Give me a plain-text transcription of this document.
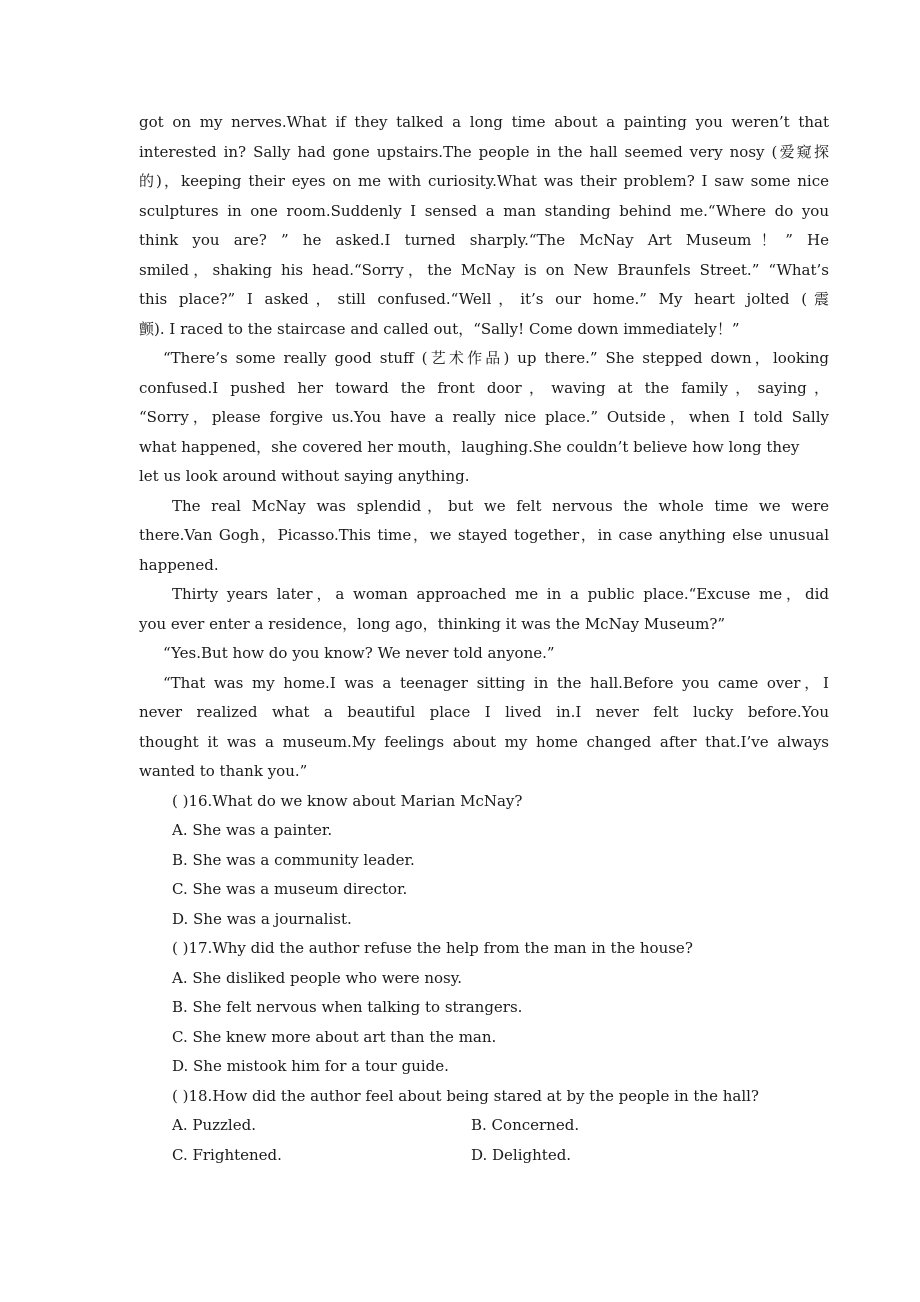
got on my nerves.What if they talked a long time about a painting you weren’t that
interested in? Sally had gone upstairs.The people in the hall seemed very nosy (爱窥探
的)，keeping their eyes on me with curiosity.What was their problem? I saw some nice
sculptures in one room.Suddenly I sensed a man standing behind me.“Where do you
think you are? ” he asked.I turned sharply.“The McNay Art Museum！” He
smiled，shaking his head.“Sorry，the McNay is on New Braunfels Street.” “What’s
this place?” I asked，still confused.“Well，it’s our home.” My heart jolted (震
颤). I raced to the staircase and called out，“Sally! Come down immediately！”
“There’s some really good stuff (艺术作品) up there.” She stepped down，looking
confused.I pushed her toward the front door，waving at the family，saying，
“Sorry，please forgive us.You have a really nice place.” Outside，when I told Sally
what happened，she covered her mouth，laughing.She couldn’t believe how long they
let us look around without saying anything.
The real McNay was splendid，but we felt nervous the whole time we were
there.Van Gogh，Picasso.This time，we stayed together，in case anything else unusual
happened.
Thirty years later，a woman approached me in a public place.“Excuse me，did
you ever enter a residence，long ago，thinking it was the McNay Museum?”
“Yes.But how do you know? We never told anyone.”
“That was my home.I was a teenager sitting in the hall.Before you came over，I
never realized what a beautiful place I lived in.I never felt lucky before.You
thought it was a museum.My feelings about my home changed after that.I’ve always
wanted to thank you.”
( )16.What do we know about Marian McNay?
A. She was a painter.
B. She was a community leader.
C. She was a museum director.
D. She was a journalist.
( )17.Why did the author refuse the help from the man in the house?
A. She disliked people who were nosy.
B. She felt nervous when talking to strangers.
C. She knew more about art than the man.
D. She mistook him for a tour guide.
( )18.How did the author feel about being stared at by the people in the hall?
A. Puzzled.	B. Concerned.
C. Frightened.	D. Delighted.
